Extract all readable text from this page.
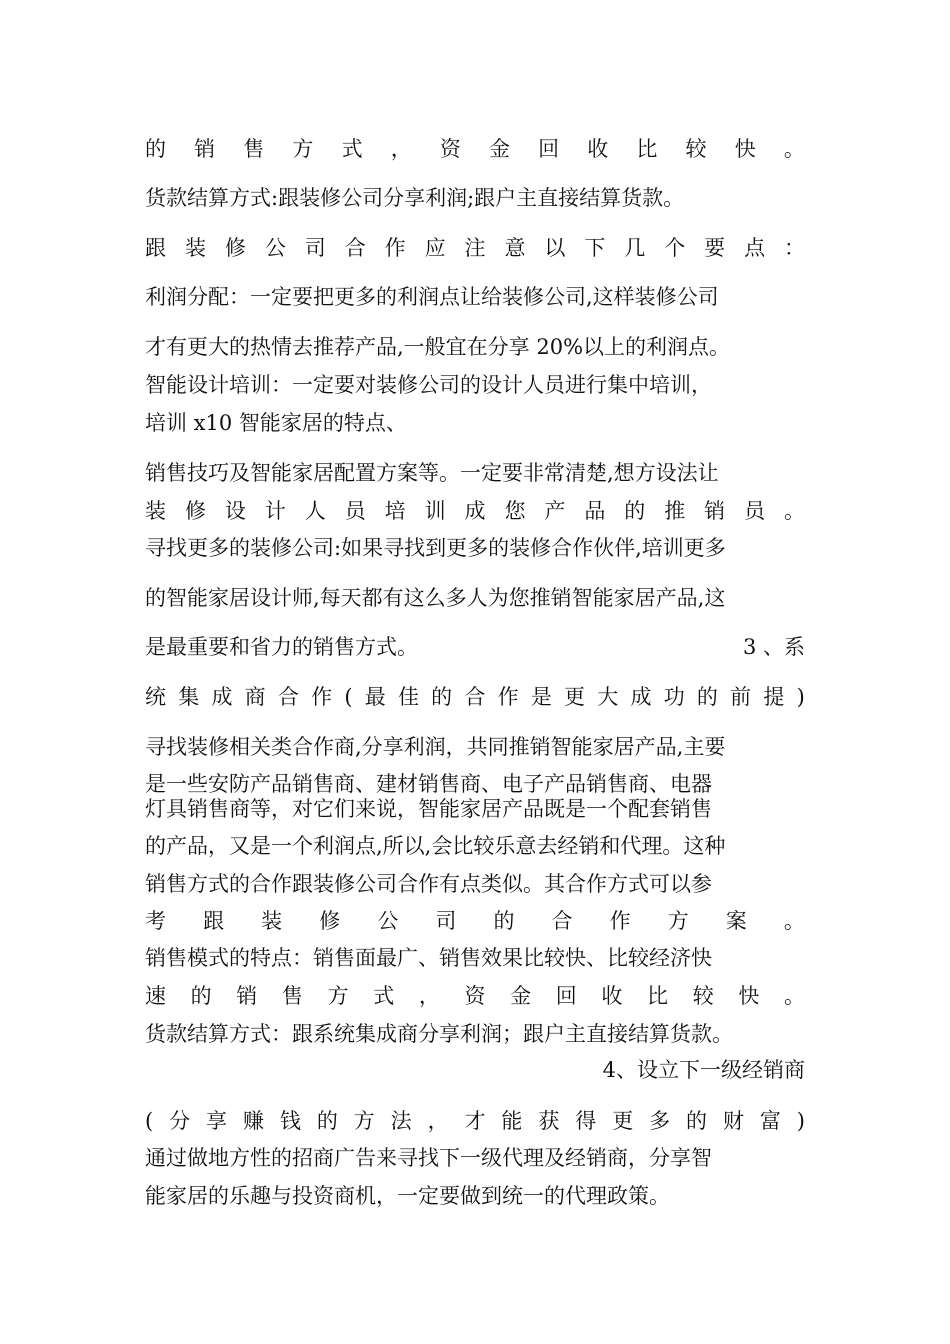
的 销 售 方 式 ， 资 金 回 收 比 较 快 。
货款结算方式:跟装修公司分享利润;跟户主直接结算货款。
跟 装 修 公 司 合 作 应 注 意 以 下 几 个 要 点 ：
利润分配：一定要把更多的利润点让给装修公司,这样装修公司
才有更大的热情去推荐产品,一般宜在分享 20%以上的利润点。
智能设计培训：一定要对装修公司的设计人员进行集中培训，
培训 x10 智能家居的特点、
销售技巧及智能家居配置方案等。一定要非常清楚,想方设法让
装 修 设 计 人 员 培 训 成 您 产 品 的 推 销 员 。
寻找更多的装修公司:如果寻找到更多的装修合作伙伴,培训更多
的智能家居设计师,每天都有这么多人为您推销智能家居产品,这
是最重要和省力的销售方式。	3 、系
统 集 成 商 合 作 ( 最 佳 的 合 作 是 更 大 成 功 的 前 提 )
寻找装修相关类合作商,分享利润，共同推销智能家居产品,主要
是一些安防产品销售商、建材销售商、电子产品销售商、电器
灯具销售商等，对它们来说，智能家居产品既是一个配套销售
的产品，又是一个利润点,所以,会比较乐意去经销和代理。这种
销售方式的合作跟装修公司合作有点类似。其合作方式可以参
考 跟 装 修 公 司 的 合 作 方 案 。
销售模式的特点：销售面最广、销售效果比较快、比较经济快
速 的 销 售 方 式 ， 资 金 回 收 比 较 快 。
货款结算方式：跟系统集成商分享利润；跟户主直接结算货款。
4、设立下一级经销商
( 分 享 赚 钱 的 方 法 ， 才 能 获 得 更 多 的 财 富 )
通过做地方性的招商广告来寻找下一级代理及经销商，分享智
能家居的乐趣与投资商机，一定要做到统一的代理政策。
